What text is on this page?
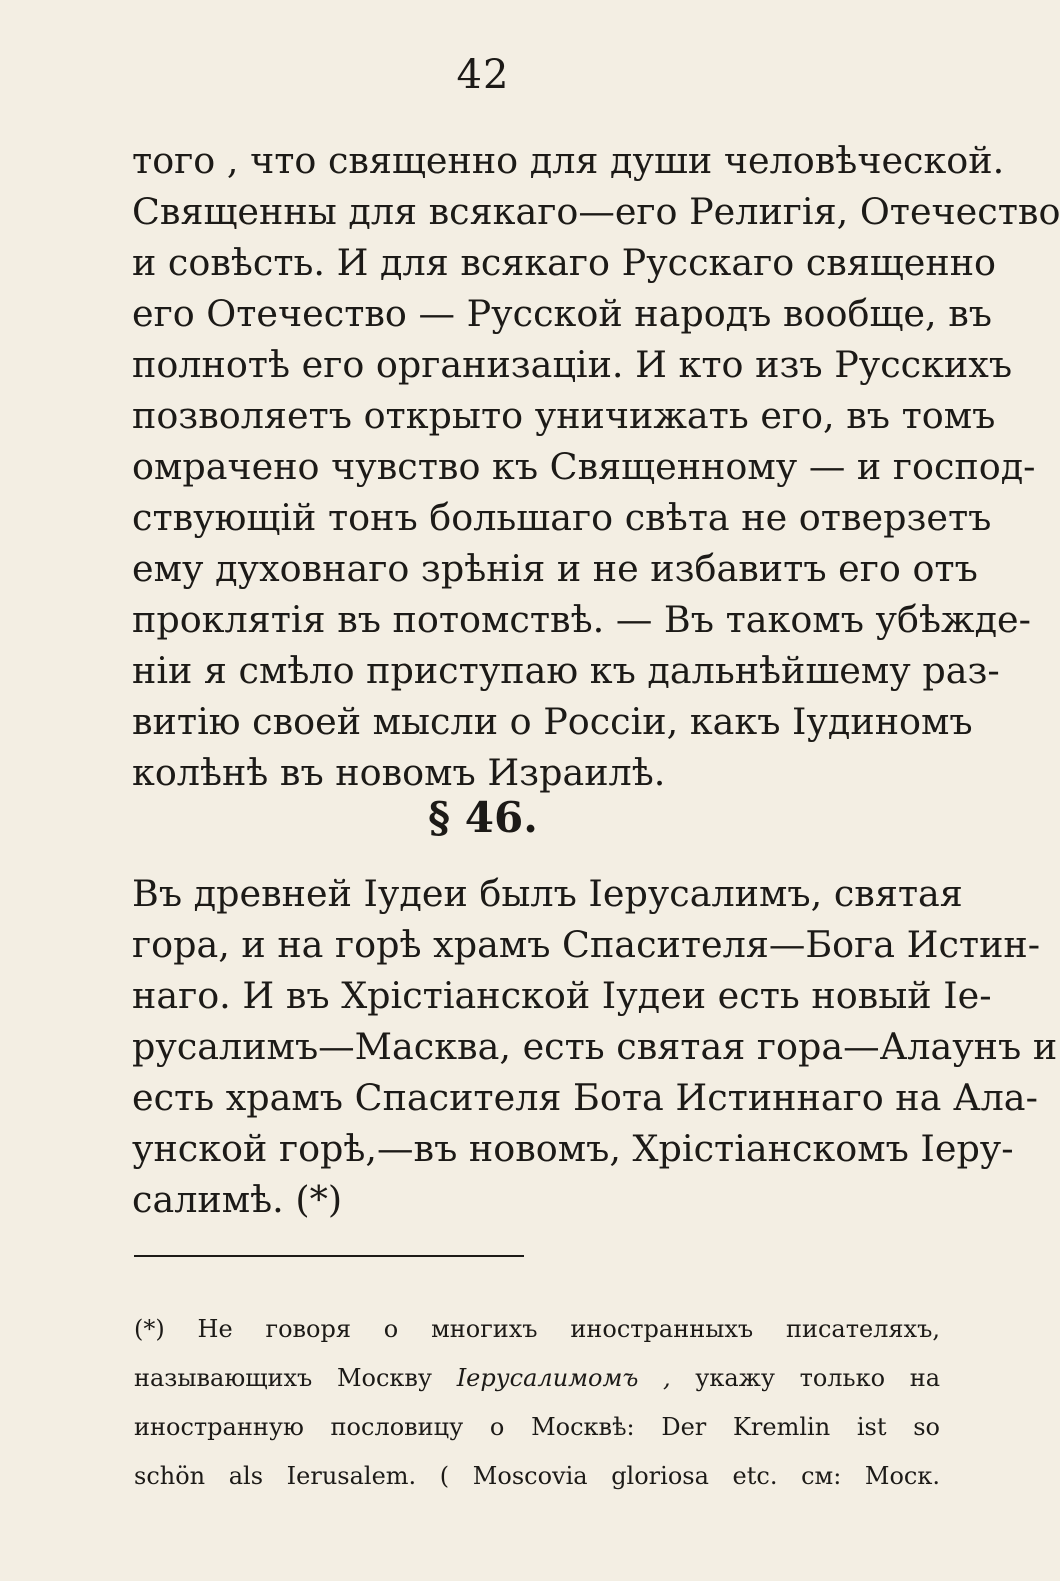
42
того , что священно для души человѣческой.
Священны для всякаго—его Религія, Отечество
и совѣсть. И для всякаго Русскаго священно
его Отечество — Русской народъ вообще, въ
полнотѣ его организаціи. И кто изъ Русскихъ
позволяетъ открыто уничижать его, въ томъ
омрачено чувство къ Священному — и господ-
ствующій тонъ большаго свѣта не отверзетъ
ему духовнаго зрѣнія и не избавитъ его отъ
проклятія въ потомствѣ. — Въ такомъ убѣжде-
ніи я смѣло приступаю къ дальнѣйшему раз-
витію своей мысли о Россіи, какъ Іудиномъ
колѣнѣ въ новомъ Израилѣ.
§ 46.
Въ древней Іудеи былъ Іерусалимъ, святая
гора, и на горѣ храмъ Спасителя—Бога Истин-
наго. И въ Хрістіанской Іудеи есть новый Іе-
русалимъ—Масква, есть святая гора—Алаунъ и
есть храмъ Спасителя Бота Истиннаго на Ала-
унской горѣ,—въ новомъ, Хрістіанскомъ Іеру-
салимѣ. (*)
(*) Не говоря о многихъ иностранныхъ писателяхъ,
называющихъ Москву Іерусалимомъ , укажу только на
иностранную пословицу о Москвѣ: Der Kremlin ist so
schön als Ierusalem. ( Moscovia gloriosa etc. см: Моск.
